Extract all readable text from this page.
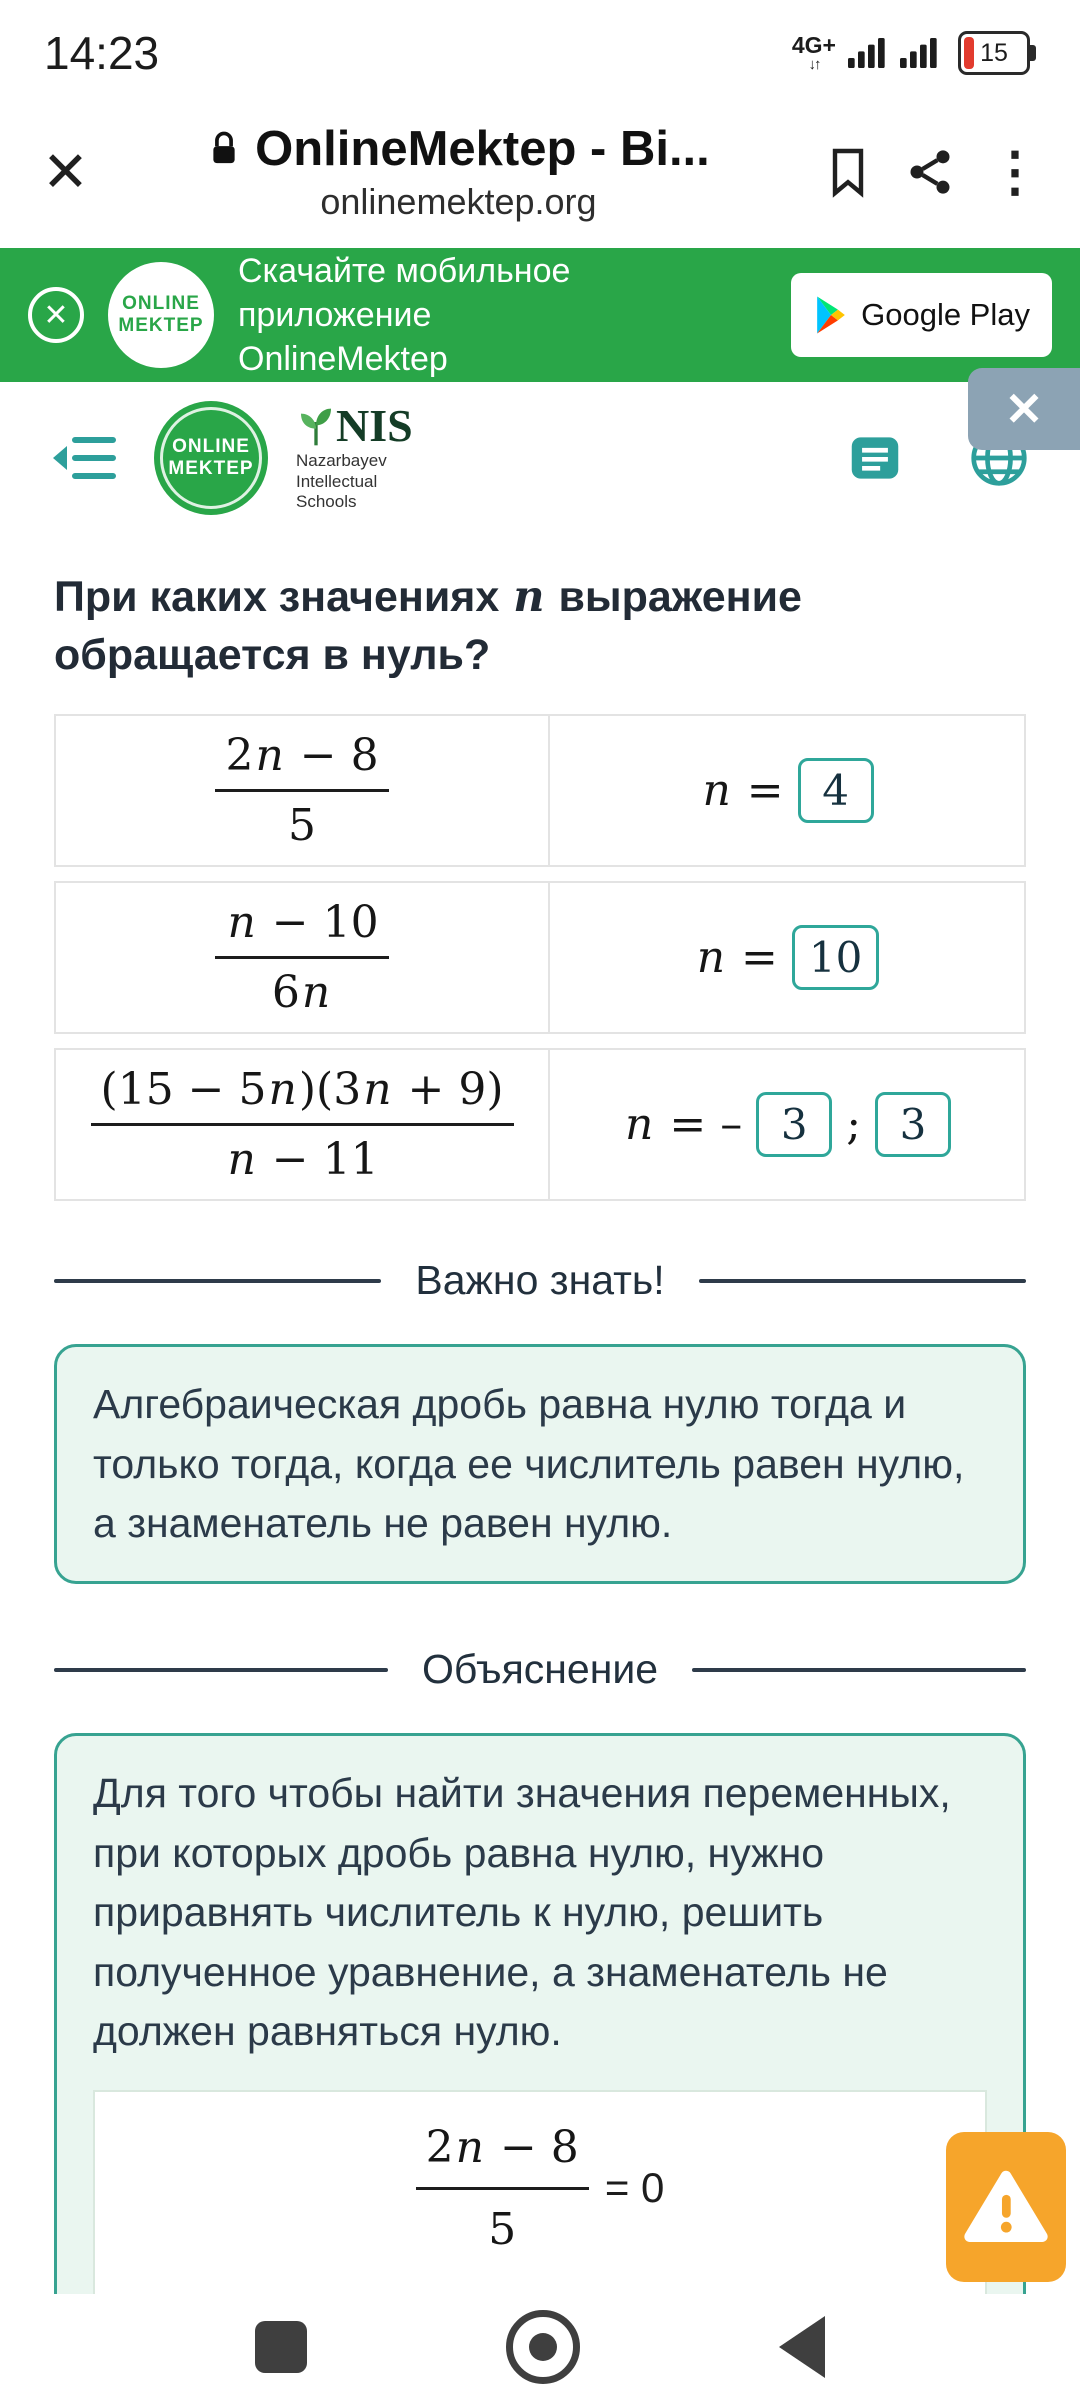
14:23	4G+
↓↑	15
✕	OnlineMektep - Bi...
onlinemektep.org	⋮
✕	ONLINE
MEKTEP
Скачайте мобильное приложение
OnlineMektep
Google Play
✕
ONLINE
MEKTEP
NIS
Nazarbayev
Intellectual
Schools
При каких значениях n выражение
обращается в нуль?
$\frac{2n - 8}{5}$	n = 4
$\frac{n - 10}{6n}$	n = 10
$\frac{(15 - 5n)(3n + 9)}{n - 11}$	n = – 3 ; 3
Важно знать!
Алгебраическая дробь равна нулю тогда и только тогда, когда ее числитель равен нулю, а знаменатель не равен нулю.
Объяснение
Для того чтобы найти значения переменных, при которых дробь равна нулю, нужно приравнять числитель к нулю, решить полученное уравнение, а знаменатель не должен равняться нулю.
$\frac{2n - 8}{5} = 0$
